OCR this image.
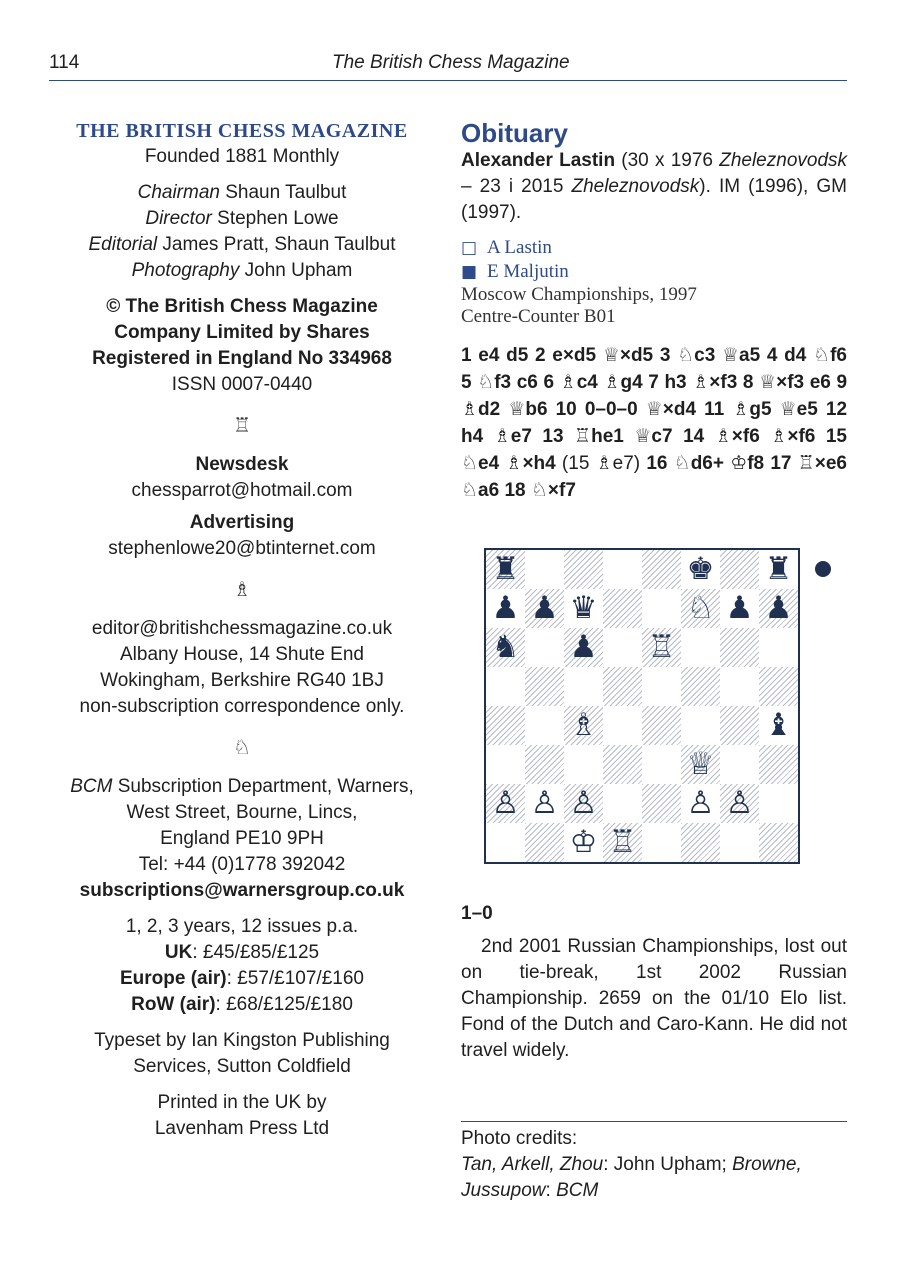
114	The British Chess Magazine
THE BRITISH CHESS MAGAZINE
Founded 1881 Monthly
Chairman Shaun Taulbut
Director Stephen Lowe
Editorial James Pratt, Shaun Taulbut
Photography John Upham
© The British Chess Magazine
Company Limited by Shares
Registered in England No 334968
ISSN 0007-0440
♖
Newsdesk
chessparrot@hotmail.com
Advertising
stephenlowe20@btinternet.com
♗
editor@britishchessmagazine.co.uk
Albany House, 14 Shute End
Wokingham, Berkshire RG40 1BJ
non-subscription correspondence only.
♘
BCM Subscription Department, Warners,
West Street, Bourne, Lincs,
England PE10 9PH
Tel: +44 (0)1778 392042
subscriptions@warnersgroup.co.uk
1, 2, 3 years, 12 issues p.a.
UK: £45/£85/£125
Europe (air): £57/£107/£160
RoW (air): £68/£125/£180
Typeset by Ian Kingston Publishing
Services, Sutton Coldfield
Printed in the UK by
Lavenham Press Ltd
Obituary
Alexander Lastin (30 x 1976 Zheleznovodsk – 23 i 2015 Zheleznovodsk). IM (1996), GM (1997).
□ A Lastin
■ E Maljutin
Moscow Championships, 1997
Centre-Counter B01
1 e4 d5 2 e×d5 ♕×d5 3 ♘c3 ♕a5 4 d4 ♘f6 5 ♘f3 c6 6 ♗c4 ♗g4 7 h3 ♗×f3 8 ♕×f3 e6 9 ♗d2 ♕b6 10 0–0–0 ♕×d4 11 ♗g5 ♕e5 12 h4 ♗e7 13 ♖he1 ♕c7 14 ♗×f6 ♗×f6 15 ♘e4 ♗×h4 (15 ♗e7) 16 ♘d6+ ♔f8 17 ♖×e6 ♘a6 18 ♘×f7
♜	♚ ♜
♟ ♟ ♛	♘ ♟ ♟
♞ ♟ ♖
♗	♝
♕
♙ ♙ ♙	♙ ♙
♔ ♖
1–0
2nd 2001 Russian Championships, lost out on tie-break, 1st 2002 Russian Championship. 2659 on the 01/10 Elo list. Fond of the Dutch and Caro-Kann. He did not travel widely.
Photo credits:
Tan, Arkell, Zhou: John Upham; Browne, Jussupow: BCM
